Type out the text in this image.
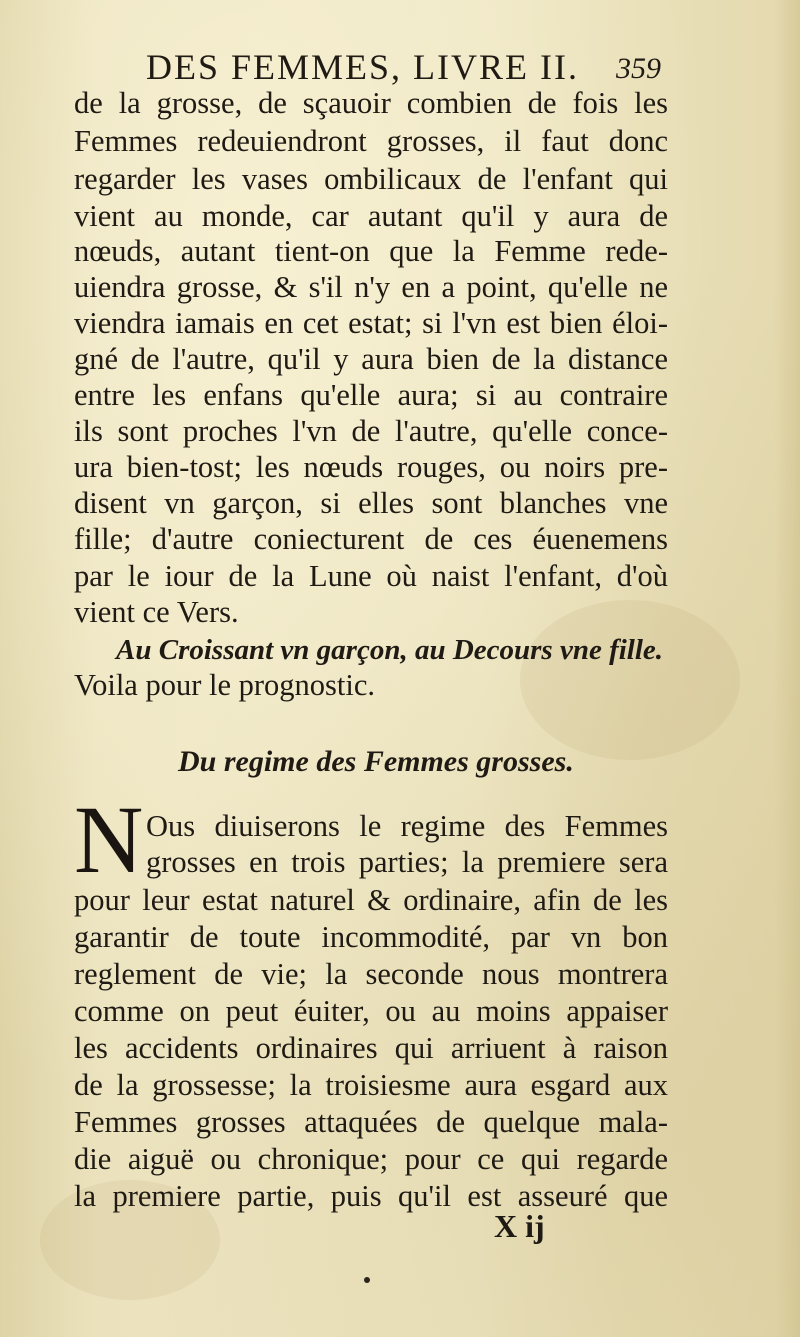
DES FEMMES, LIVRE II. 359
de la grosse, de sçauoir combien de fois les
Femmes redeuiendront grosses, il faut donc
regarder les vases ombilicaux de l'enfant qui
vient au monde, car autant qu'il y aura de
nœuds, autant tient-on que la Femme rede-
uiendra grosse, & s'il n'y en a point, qu'elle ne
viendra iamais en cet estat; si l'vn est bien éloi-
gné de l'autre, qu'il y aura bien de la distance
entre les enfans qu'elle aura; si au contraire
ils sont proches l'vn de l'autre, qu'elle conce-
ura bien-tost; les nœuds rouges, ou noirs pre-
disent vn garçon, si elles sont blanches vne
fille; d'autre coniecturent de ces éuenemens
par le iour de la Lune où naist l'enfant, d'où
vient ce Vers.
Au Croissant vn garçon, au Decours vne fille.
Voila pour le prognostic.
Du regime des Femmes grosses.
N Ous diuiserons le regime des Femmes
grosses en trois parties; la premiere sera
pour leur estat naturel & ordinaire, afin de les
garantir de toute incommodité, par vn bon
reglement de vie; la seconde nous montrera
comme on peut éuiter, ou au moins appaiser
les accidents ordinaires qui arriuent à raison
de la grossesse; la troisiesme aura esgard aux
Femmes grosses attaquées de quelque mala-
die aiguë ou chronique; pour ce qui regarde
la premiere partie, puis qu'il est asseuré que
X ij
